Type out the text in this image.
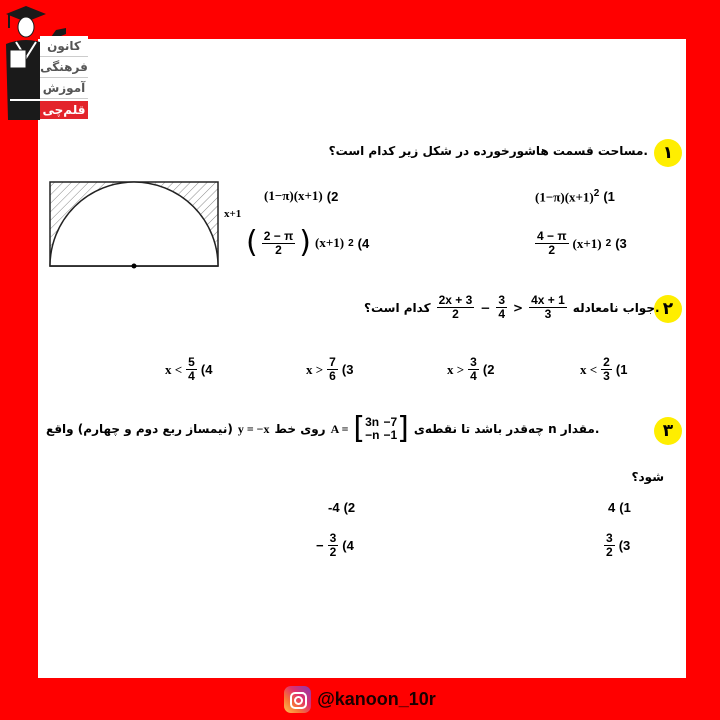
کانون
فرهنگی
آموزش
قلم‌چی
۱
.مساحت قسمت هاشورخورده در شکل زیر کدام است؟
x+1
$(1-\pi)(x+1)^2$ (1
(1−π)(x+1) (2
$\frac{4 - \pi}{2} (x+1)$ 2 (3
( $\frac{2 - \pi}{2}$ ) (x+1) 2 (4
۲
کدام است؟ $\frac{2x + 3}{2} - \frac{3}{4} > \frac{4x + 1}{3}$ .جواب نامعادله
$x < \frac{2}{3} (1$
$x > \frac{3}{4} (2$
$x > \frac{7}{6} (3$
$x < \frac{5}{4} (4$
۳
(نیمساز ربع دوم و چهارم) واقع y = −x روی خط A = [ 3n −7
−n −1 ] .مقدار n چه‌قدر باشد تا نقطه‌ی
شود؟
4 (1
-4 (2
$\frac{3}{2} (3$
− $\frac{3}{2} (4$
@kanoon_10r
